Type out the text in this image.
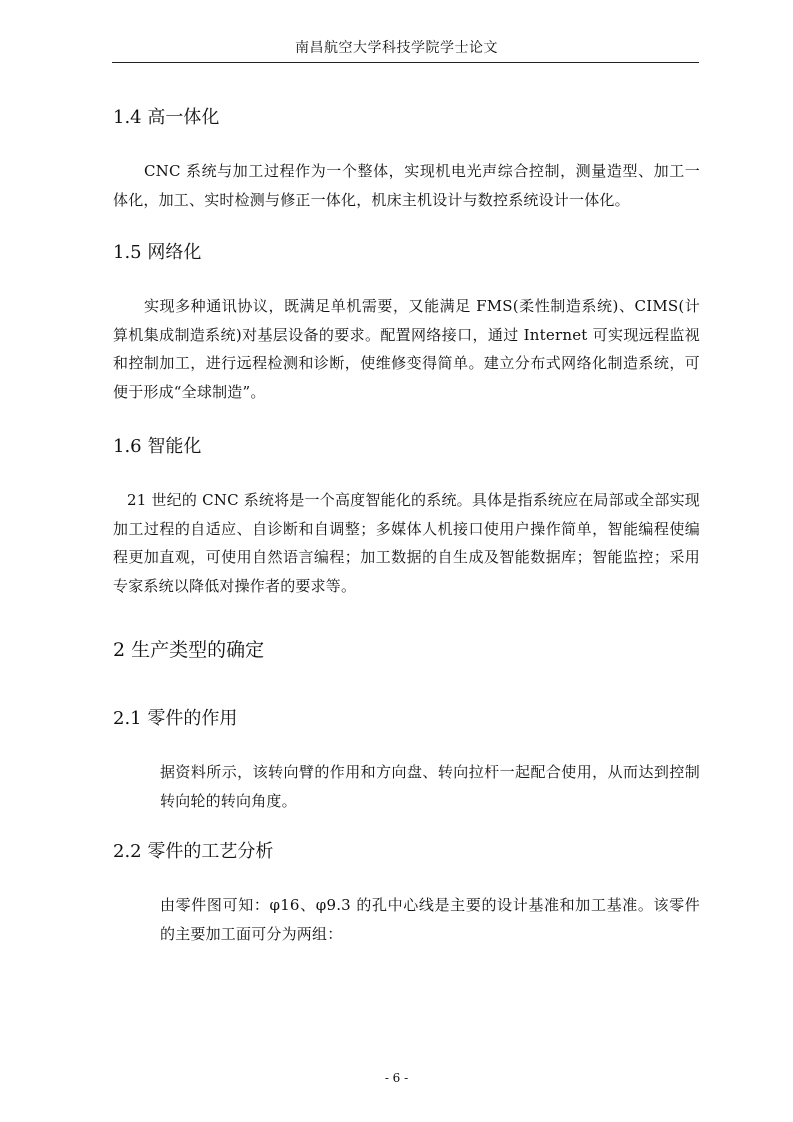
南昌航空大学科技学院学士论文
1.4 高一体化

CNC 系统与加工过程作为一个整体，实现机电光声综合控制，测量造型、加工一体化，加工、实时检测与修正一体化，机床主机设计与数控系统设计一体化。

1.5 网络化

实现多种通讯协议，既满足单机需要，又能满足 FMS(柔性制造系统)、CIMS(计算机集成制造系统)对基层设备的要求。配置网络接口，通过 Internet 可实现远程监视和控制加工，进行远程检测和诊断，使维修变得简单。建立分布式网络化制造系统，可便于形成“全球制造”。

1.6 智能化

21 世纪的 CNC 系统将是一个高度智能化的系统。具体是指系统应在局部或全部实现加工过程的自适应、自诊断和自调整；多媒体人机接口使用户操作简单，智能编程使编程更加直观，可使用自然语言编程；加工数据的自生成及智能数据库；智能监控；采用专家系统以降低对操作者的要求等。

2 生产类型的确定
2.1 零件的作用

据资料所示，该转向臂的作用和方向盘、转向拉杆一起配合使用，从而达到控制转向轮的转向角度。

2.2 零件的工艺分析

由零件图可知：φ16、φ9.3 的孔中心线是主要的设计基准和加工基准。该零件的主要加工面可分为两组：

- 6 -
